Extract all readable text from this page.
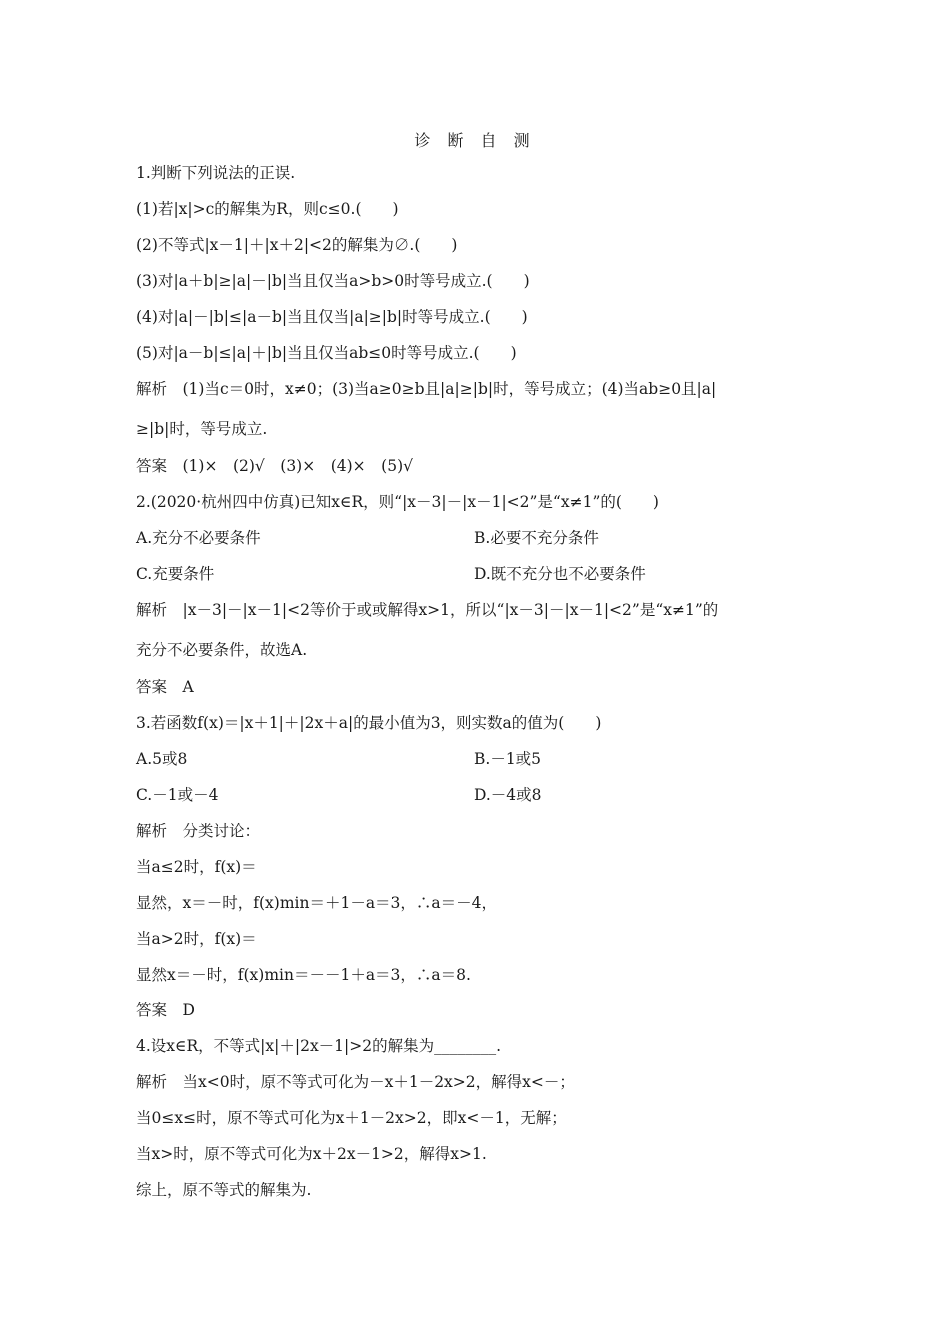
诊 断 自 测
1.判断下列说法的正误.
(1)若|x|>c的解集为R，则c≤0.(　　)
(2)不等式|x－1|＋|x＋2|<2的解集为∅.(　　)
(3)对|a＋b|≥|a|－|b|当且仅当a>b>0时等号成立.(　　)
(4)对|a|－|b|≤|a－b|当且仅当|a|≥|b|时等号成立.(　　)
(5)对|a－b|≤|a|＋|b|当且仅当ab≤0时等号成立.(　　)
解析　(1)当c＝0时，x≠0；(3)当a≥0≥b且|a|≥|b|时，等号成立；(4)当ab≥0且|a|
≥|b|时，等号成立.
答案　(1)×　(2)√　(3)×　(4)×　(5)√
2.(2020·杭州四中仿真)已知x∈R，则“|x－3|－|x－1|<2”是“x≠1”的(　　)
A.充分不必要条件	B.必要不充分条件
C.充要条件	D.既不充分也不必要条件
解析　|x－3|－|x－1|<2等价于或或解得x>1，所以“|x－3|－|x－1|<2”是“x≠1”的
充分不必要条件，故选A.
答案　A
3.若函数f(x)＝|x＋1|＋|2x＋a|的最小值为3，则实数a的值为(　　)
A.5或8	B.－1或5
C.－1或－4	D.－4或8
解析　分类讨论：
当a≤2时，f(x)＝
显然，x＝－时，f(x)min＝＋1－a＝3，∴a＝－4，
当a>2时，f(x)＝
显然x＝－时，f(x)min＝－－1＋a＝3，∴a＝8.
答案　D
4.设x∈R，不等式|x|＋|2x－1|>2的解集为________.
解析　当x<0时，原不等式可化为－x＋1－2x>2，解得x<－；
当0≤x≤时，原不等式可化为x＋1－2x>2，即x<－1，无解；
当x>时，原不等式可化为x＋2x－1>2，解得x>1.
综上，原不等式的解集为.
